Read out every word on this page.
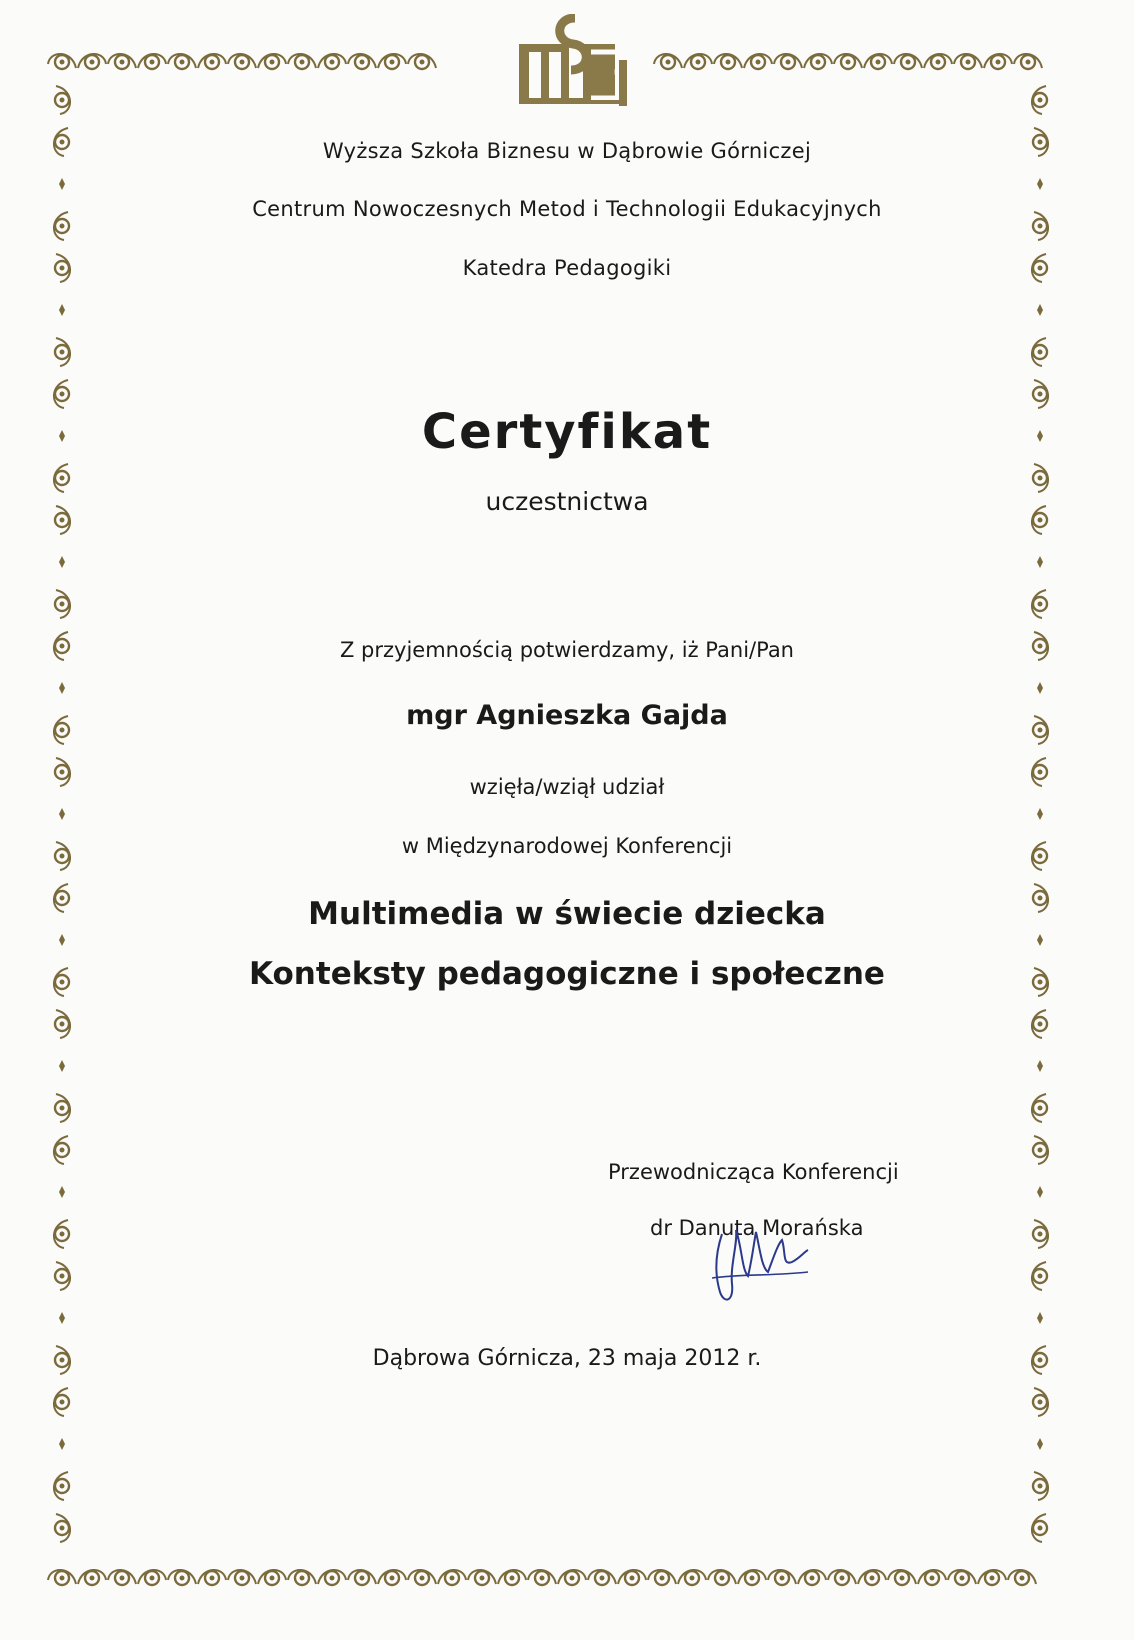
Wyższa Szkoła Biznesu w Dąbrowie Górniczej
Centrum Nowoczesnych Metod i Technologii Edukacyjnych
Katedra Pedagogiki
Certyfikat
uczestnictwa
Z przyjemnością potwierdzamy, iż Pani/Pan
mgr Agnieszka Gajda
wzięła/wziął udział
w Międzynarodowej Konferencji
Multimedia w świecie dziecka
Konteksty pedagogiczne i społeczne
Przewodnicząca Konferencji
dr Danuta Morańska
Dąbrowa Górnicza, 23 maja 2012 r.
